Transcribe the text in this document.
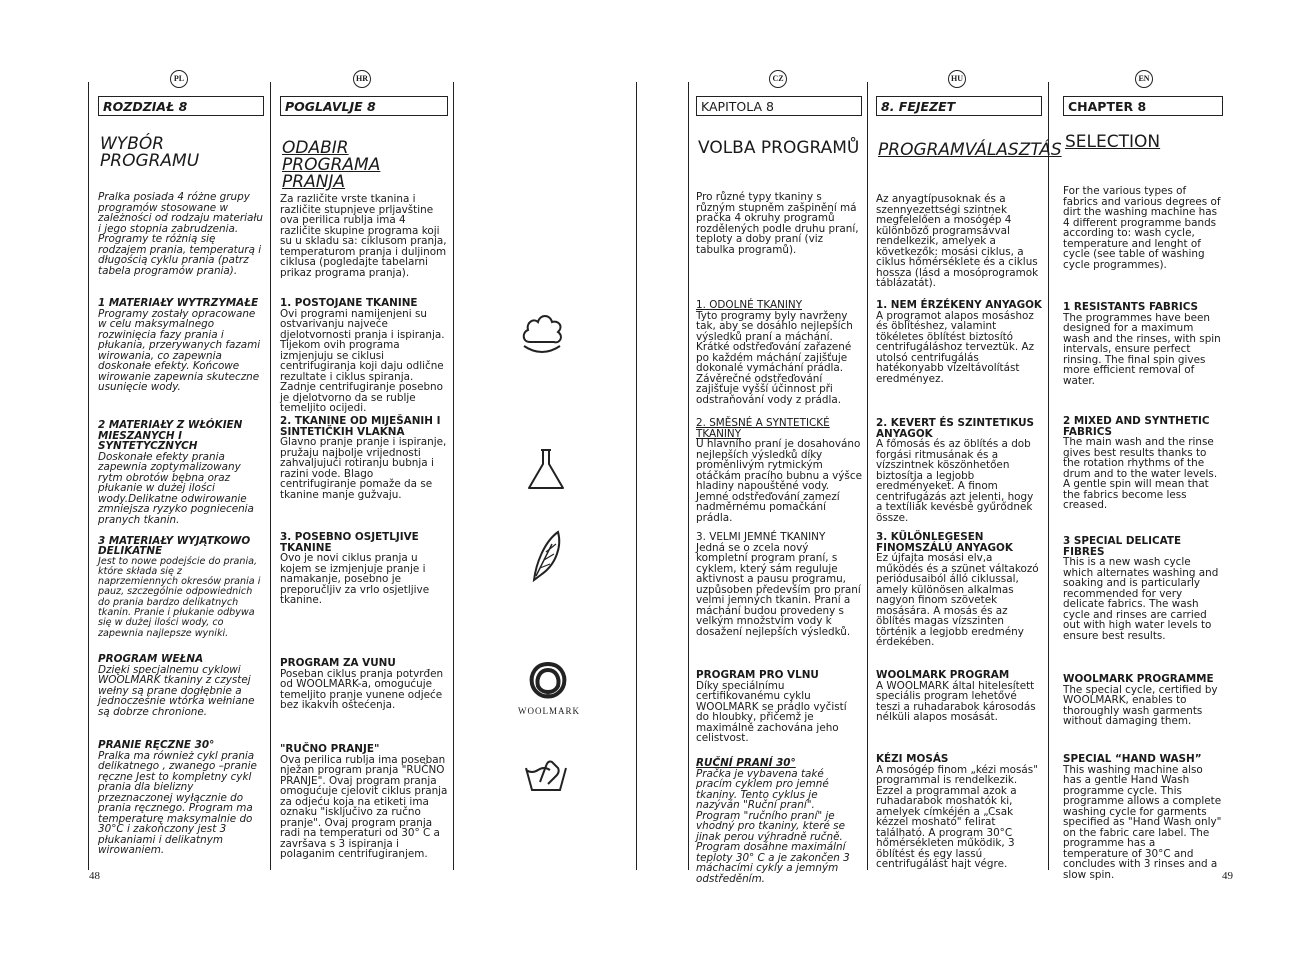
PL	HR	CZ	HU	EN
ROZDZIAŁ 8
WYBÓR
PROGRAMU

Pralka posiada 4 różne grupy programów stosowane w zależności od rodzaju materiału i jego stopnia zabrudzenia. Programy te różnią się rodzajem prania, temperaturą i długością cyklu prania (patrz tabela programów prania).

1 MATERIAŁY WYTRZYMAŁE
Programy zostały opracowane w celu maksymalnego rozwinięcia fazy prania i płukania, przerywanych fazami wirowania, co zapewnia doskonałe efekty. Końcowe wirowanie zapewnia skuteczne usunięcie wody.
2 MATERIAŁY Z WŁÓKIEN MIESZANYCH I SYNTETYCZNYCH
Doskonałe efekty prania zapewnia zoptymalizowany rytm obrotów bębna oraz płukanie w dużej ilości wody.Delikatne odwirowanie zmniejsza ryzyko pogniecenia pranych tkanin.
3 MATERIAŁY WYJĄTKOWO DELIKATNE
Jest to nowe podejście do prania, które składa się z naprzemiennych okresów prania i pauz, szczególnie odpowiednich do prania bardzo delikatnych tkanin. Pranie i płukanie odbywa się w dużej ilości wody, co zapewnia najlepsze wyniki.
PROGRAM WEŁNA
Dzięki specjalnemu cyklowi WOOLMARK tkaniny z czystej wełny są prane dogłębnie a jednocześnie wtórka wełniane są dobrze chronione.
PRANIE RĘCZNE 30°
Pralka ma również cykl prania delikatnego , zwanego –pranie ręczne Jest to kompletny cykl prania dla bielizny przeznaczonej wyłącznie do prania ręcznego. Program ma temperaturę maksymalnie do 30°C i zakończony jest 3 płukaniami i delikatnym wirowaniem.
POGLAVLJE 8
ODABIR PROGRAMA
PRANJA

Za različite vrste tkanina i različite stupnjeve prljavštine ova perilica rublja ima 4 različite skupine programa koji su u skladu sa: ciklusom pranja, temperaturom pranja i duljinom ciklusa (pogledajte tabelarni prikaz programa pranja).

1. POSTOJANE TKANINE
Ovi programi namijenjeni su ostvarivanju najveće djelotvornosti pranja i ispiranja. Tijekom ovih programa izmjenjuju se ciklusi centrifugiranja koji daju odlične rezultate i ciklus spiranja. Zadnje centrifugiranje posebno je djelotvorno da se rublje temeljito ocijedi.
2. TKANINE OD MIJEŠANIH I SINTETIČKIH VLAKNA
Glavno pranje pranje i ispiranje, pružaju najbolje vrijednosti zahvaljujući rotiranju bubnja i razini vode. Blago centrifugiranje pomaže da se tkanine manje gužvaju.
3. POSEBNO OSJETLJIVE TKANINE
Ovo je novi ciklus pranja u kojem se izmjenjuje pranje i namakanje, posebno je preporučljiv za vrlo osjetljive tkanine.
PROGRAM ZA VUNU
Poseban ciklus pranja potvrđen od WOOLMARK-a, omogućuje temeljito pranje vunene odjeće bez ikakvih oštećenja.
"RUČNO PRANJE"
Ova perilica rublja ima poseban nježan program pranja "RUČNO PRANJE". Ovaj program pranja omogućuje cjelovit ciklus pranja za odjeću koja na etiketi ima oznaku "isključivo za ručno pranje". Ovaj program pranja radi na temperaturi od 30° C a završava s 3 ispiranja i polaganim centrifugiranjem.
WOOLMARK
KAPITOLA 8
VOLBA PROGRAMŮ

Pro různé typy tkaniny s různým stupněm zašpinění má pračka 4 okruhy programů rozdělených podle druhu praní, teploty a doby praní (viz tabulka programů).

1. ODOLNÉ TKANINY
Tyto programy byly navrženy tak, aby se dosáhlo nejlepších výsledků praní a máchání. Krátké odstřeďování zařazené po každém máchání zajišťuje dokonalé vymáchání prádla. Závěrečné odstřeďování zajišťuje vyšší účinnost při odstraňování vody z prádla.
2. SMĚSNÉ A SYNTETICKÉ TKANINY
U hlavního praní je dosahováno nejlepších výsledků díky proměnlivým rytmickým otáčkám pracího bubnu a výšce hladiny napouštěné vody. Jemné odstřeďování zamezí nadměrnému pomačkání prádla.
3. VELMI JEMNÉ TKANINY
Jedná se o zcela nový kompletní program praní, s cyklem, který sám reguluje aktivnost a pausu programu, uzpůsoben především pro praní velmi jemných tkanin. Praní a máchání budou provedeny s velkým množstvím vody k dosažení nejlepších výsledků.
PROGRAM PRO VLNU
Díky speciálnímu certifikovanému cyklu WOOLMARK se prádlo vyčistí do hloubky, přičemž je maximálně zachována jeho celistvost.
RUČNÍ PRANÍ 30°
Pračka je vybavena také pracím cyklem pro jemné tkaniny. Tento cyklus je nazýván "Ruční praní". Program "ručního praní" je vhodný pro tkaniny, které se jinak perou výhradně ručně. Program dosáhne maximální teploty 30° C a je zakončen 3 máchacími cykly a jemným odstředěním.
8. FEJEZET
PROGRAMVÁLASZTÁS

Az anyagtípusoknak és a szennyezettségi szintnek megfelelően a mosógép 4 különböző programsávval rendelkezik, amelyek a következők: mosási ciklus, a ciklus hőmérséklete és a ciklus hossza (lásd a mosóprogramok táblázatát).

1. NEM ÉRZÉKENY ANYAGOK
A programot alapos mosáshoz és öblítéshez, valamint tökéletes öblítést biztosító centrifugáláshoz terveztük. Az utolsó centrifugálás hatékonyabb vízeltávolítást eredményez.
2. KEVERT ÉS SZINTETIKUS ANYAGOK
A főmosás és az öblítés a dob forgási ritmusának és a vízszintnek köszönhetően biztosítja a legjobb eredményeket. A finom centrifugázás azt jelenti, hogy a textíliák kevésbé gyűrődnek össze.
3. KÜLÖNLEGESEN FINOMSZÁLÚ ANYAGOK
Ez újfajta mosási elv,a működés és a szünet váltakozó periódusaiból álló ciklussal, amely különösen alkalmas nagyon finom szövetek mosására. A mosás és az öblítés magas vízszinten történik a legjobb eredmény érdekében.
WOOLMARK PROGRAM
A WOOLMARK által hitelesített speciális program lehetővé teszi a ruhadarabok károsodás nélküli alapos mosását.
KÉZI MOSÁS
A mosógép finom „kézi mosás" programmal is rendelkezik. Ezzel a programmal azok a ruhadarabok moshatók ki, amelyek címkéjén a „Csak kézzel mosható" felirat található. A program 30°C hőmérsékleten működik, 3 öblítést és egy lassú centrifugálást hajt végre.
CHAPTER 8
SELECTION

For the various types of fabrics and various degrees of dirt the washing machine has 4 different programme bands according to: wash cycle, temperature and lenght of cycle (see table of washing cycle programmes).

1 RESISTANTS FABRICS
The programmes have been designed for a maximum wash and the rinses, with spin intervals, ensure perfect rinsing. The final spin gives more efficient removal of water.
2 MIXED AND SYNTHETIC FABRICS
The main wash and the rinse gives best results thanks to the rotation rhythms of the drum and to the water levels. A gentle spin will mean that the fabrics become less creased.
3 SPECIAL DELICATE FIBRES
This is a new wash cycle which alternates washing and soaking and is particularly recommended for very delicate fabrics. The wash cycle and rinses are carried out with high water levels to ensure best results.
WOOLMARK PROGRAMME
The special cycle, certified by WOOLMARK, enables to thoroughly wash garments without damaging them.
SPECIAL “HAND WASH”
This washing machine also has a gentle Hand Wash programme cycle. This programme allows a complete washing cycle for garments specified as "Hand Wash only" on the fabric care label. The programme has a temperature of 30°C and concludes with 3 rinses and a slow spin.
48	49
